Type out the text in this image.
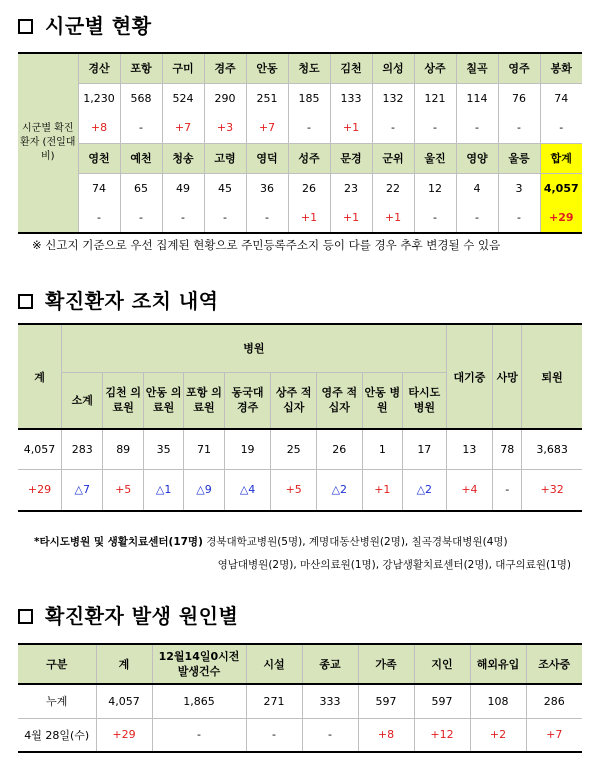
시군별 현황
시군별 확진환자 (전일대비)	경산	포항	구미	경주	안동	청도	김천	의성	상주	칠곡	영주	봉화
	1,230	568	524	290	251	185	133	132	121	114	76	74
	+8	-	+7	+3	+7	-	+1	-	-	-	-	-
	영천	예천	청송	고령	영덕	성주	문경	군위	울진	영양	울릉	합계
	74	65	49	45	36	26	23	22	12	4	3	4,057
	-	-	-	-	-	+1	+1	+1	-	-	-	+29
※ 신고지 기준으로 우선 집계된 현황으로 주민등록주소지 등이 다를 경우 추후 변경될 수 있음
확진환자 조치 내역
계	병원									대기중	사망	퇴원
	소계	김천 의료원	안동 의료원	포항 의료원	동국대 경주	상주 적십자	영주 적십자	안동 병원	타시도 병원			
4,057	283	89	35	71	19	25	26	1	17	13	78	3,683
+29	△7	+5	△1	△9	△4	+5	△2	+1	△2	+4	-	+32
*타시도병원 및 생활치료센터(17명) 경북대학교병원(5명), 계명대동산병원(2명), 칠곡경북대병원(4명)
영남대병원(2명), 마산의료원(1명), 강남생활치료센터(2명), 대구의료원(1명)
확진환자 발생 원인별
구분	계	12월14일0시전 발생건수	시설	종교	가족	지인	해외유입	조사중
누계	4,057	1,865	271	333	597	597	108	286
4월 28일(수)	+29	-	-	-	+8	+12	+2	+7
